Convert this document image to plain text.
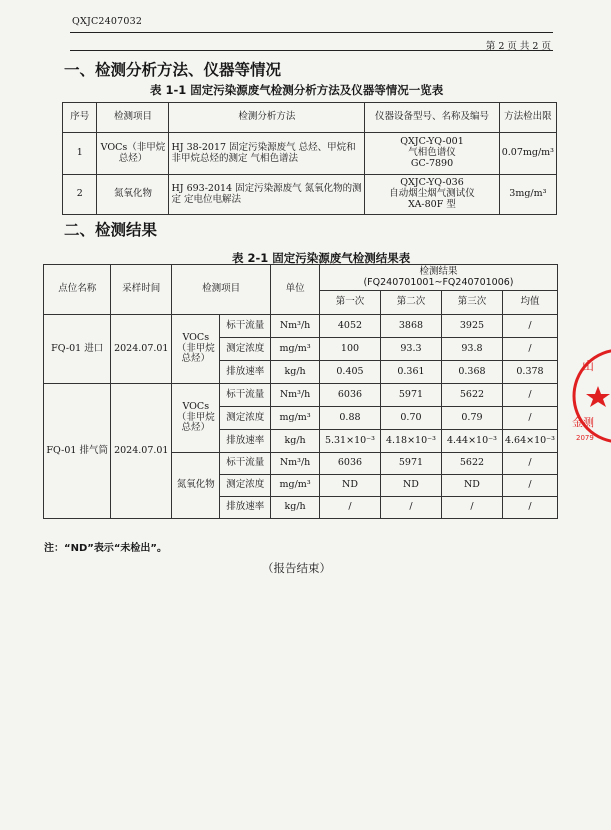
QXJC2407032
第 2 页 共 2 页
一、检测分析方法、仪器等情况
表 1-1 固定污染源废气检测分析方法及仪器等情况一览表
序号	检测项目	检测分析方法	仪器设备型号、名称及编号	方法检出限
1	VOCs（非甲烷总烃）	HJ 38-2017 固定污染源废气 总烃、甲烷和非甲烷总烃的测定 气相色谱法	QXJC-YQ-001
气相色谱仪
GC-7890	0.07mg/m³
2	氮氧化物	HJ 693-2014 固定污染源废气 氮氧化物的测定 定电位电解法	QXJC-YQ-036
自动烟尘烟气测试仪
XA-80F 型	3mg/m³
二、检测结果
表 2-1 固定污染源废气检测结果表
点位名称	采样时间	检测项目		单位	检测结果
(FQ240701001~FQ240701006)			

					第一次	第二次	第三次	均值
FQ-01 进口	2024.07.01	VOCs（非甲烷总烃）	标干流量	Nm³/h	4052	3868	3925	/
			测定浓度	mg/m³	100	93.3	93.8	/
			排放速率	kg/h	0.405	0.361	0.368	0.378
FQ-01 排气筒	2024.07.01	VOCs（非甲烷总烃）	标干流量	Nm³/h	6036	5971	5622	/
			测定浓度	mg/m³	0.88	0.70	0.79	/
			排放速率	kg/h	5.31×10⁻³	4.18×10⁻³	4.44×10⁻³	4.64×10⁻³
		氮氧化物	标干流量	Nm³/h	6036	5971	5622	/
			测定浓度	mg/m³	ND	ND	ND	/
			排放速率	kg/h	/	/	/	/
注：“ND”表示“未检出”。
（报告结束）
山
金测
2079
